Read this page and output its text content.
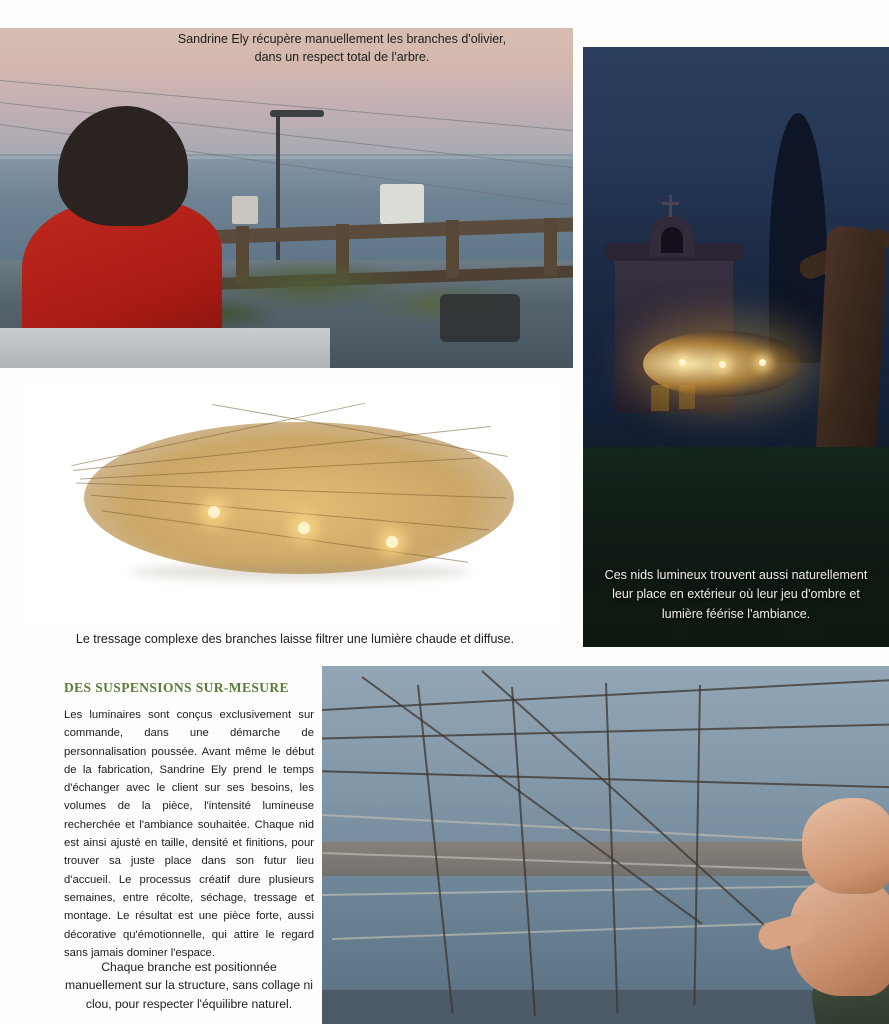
Sandrine Ely récupère manuellement les branches d'olivier, dans un respect total de l'arbre.
Ces nids lumineux trouvent aussi naturellement leur place en extérieur où leur jeu d'ombre et lumière féérise l'ambiance.
Le tressage complexe des branches laisse filtrer une lumière chaude et diffuse.
DES SUSPENSIONS SUR-MESURE

Les luminaires sont conçus exclusivement sur commande, dans une démarche de personnalisation poussée. Avant même le début de la fabrication, Sandrine Ely prend le temps d'échanger avec le client sur ses besoins, les volumes de la pièce, l'intensité lumineuse recherchée et l'ambiance souhaitée. Chaque nid est ainsi ajusté en taille, densité et finitions, pour trouver sa juste place dans son futur lieu d'accueil. Le processus créatif dure plusieurs semaines, entre récolte, séchage, tressage et montage. Le résultat est une pièce forte, aussi décorative qu'émotionnelle, qui attire le regard sans jamais dominer l'espace.

Chaque branche est positionnée manuellement sur la structure, sans collage ni clou, pour respecter l'équilibre naturel.
